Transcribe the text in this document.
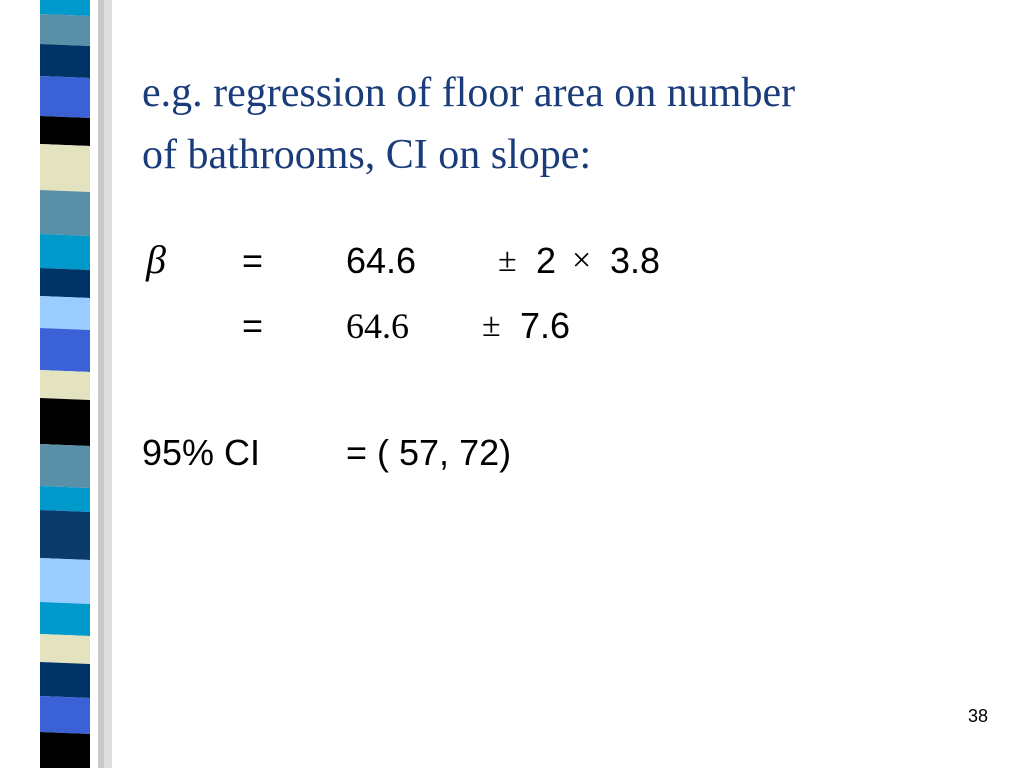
e.g. regression of floor area on number
of bathrooms, CI on slope:
β = 64.6 ± 2 × 3.8
= 64.6 ± 7.6
95% CI = ( 57, 72)
38
